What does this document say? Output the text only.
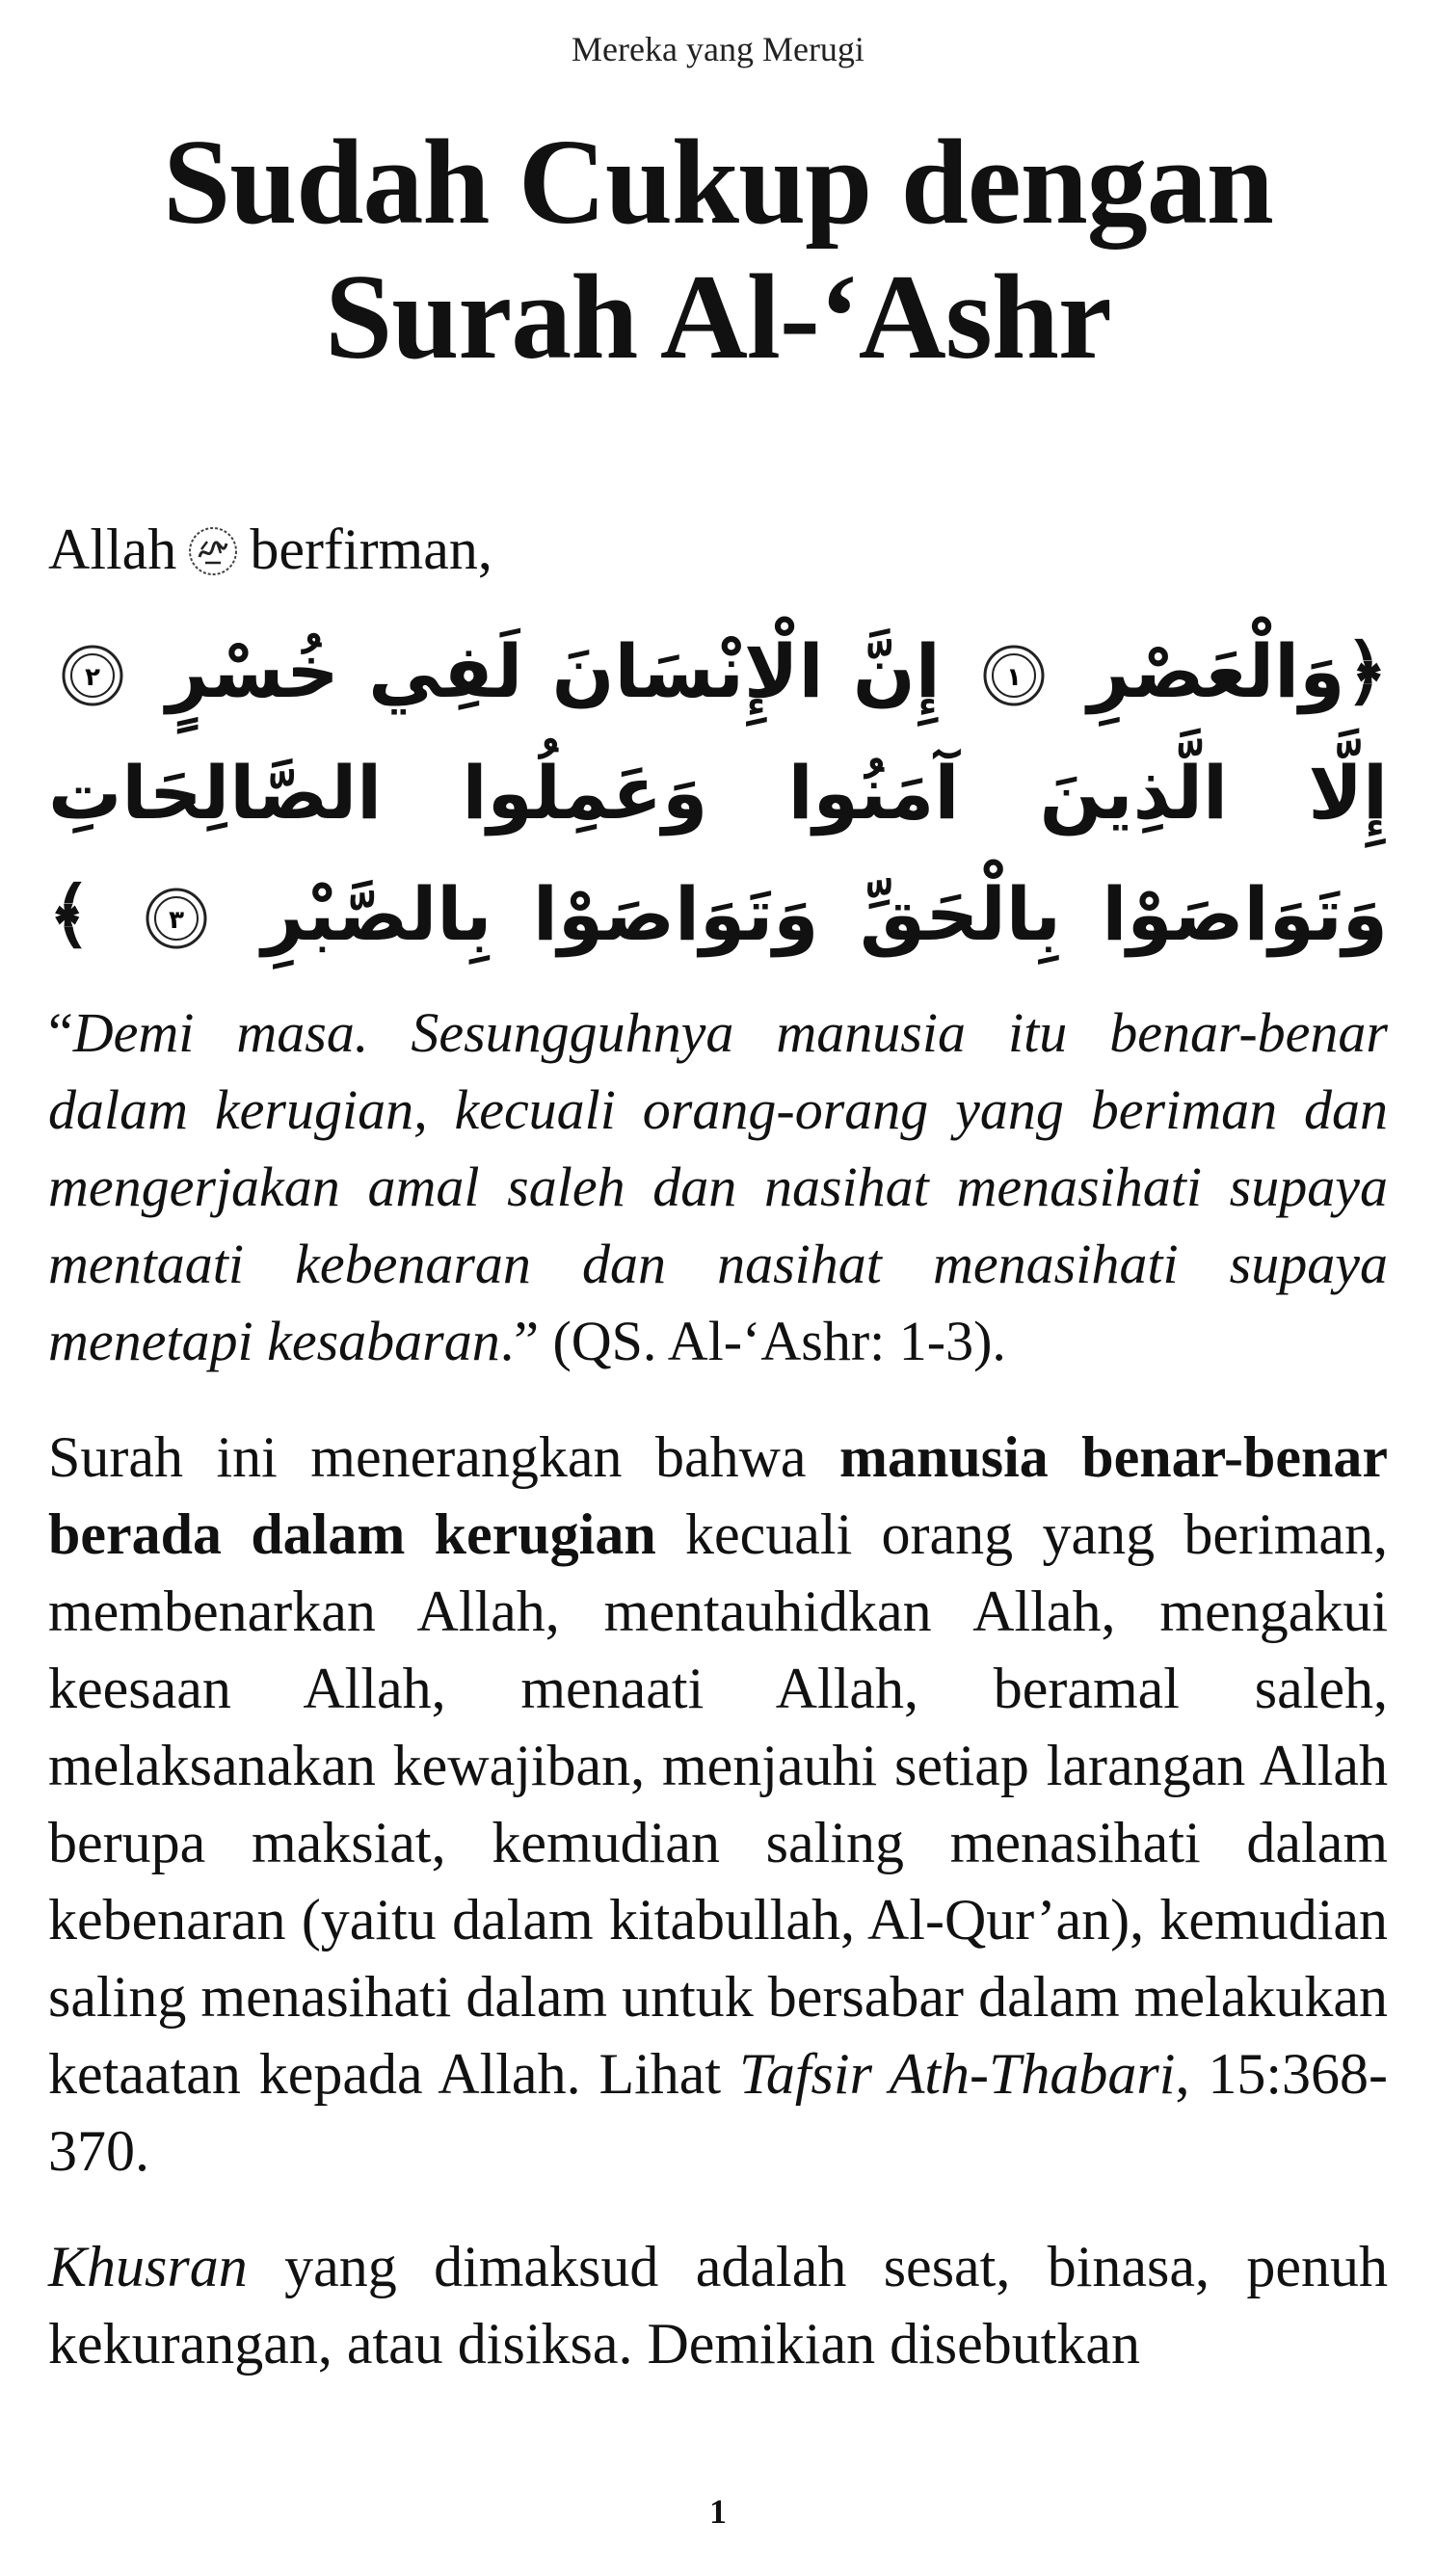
Mereka yang Merugi
Sudah Cukup dengan
Surah Al-‘Ashr

Allah berfirman,

﴿وَالْعَصْرِ
١
إِنَّ الْإِنْسَانَ لَفِي خُسْرٍ
٢
إِلَّا الَّذِينَ آمَنُوا وَعَمِلُوا الصَّالِحَاتِ وَتَوَاصَوْا بِالْحَقِّ وَتَوَاصَوْا بِالصَّبْرِ
٣
﴾

“Demi masa. Sesungguhnya manusia itu benar-benar dalam kerugian, kecuali orang-orang yang beriman dan mengerjakan amal saleh dan nasihat menasihati supaya mentaati kebenaran dan nasihat menasihati supaya menetapi kesabaran.” (QS. Al-‘Ashr: 1-3).

Surah ini menerangkan bahwa manusia benar-benar berada dalam kerugian kecuali orang yang beriman, membenarkan Allah, mentauhidkan Allah, mengakui keesaan Allah, menaati Allah, beramal saleh, melaksanakan kewajiban, menjauhi setiap larangan Allah berupa maksiat, kemudian saling menasihati dalam kebenaran (yaitu dalam kitabullah, Al-Qur’an), kemudian saling menasihati dalam untuk bersabar dalam melakukan ketaatan kepada Allah. Lihat Tafsir Ath-Thabari, 15:368-370.

Khusran yang dimaksud adalah sesat, binasa, penuh kekurangan, atau disiksa. Demikian disebutkan

1
